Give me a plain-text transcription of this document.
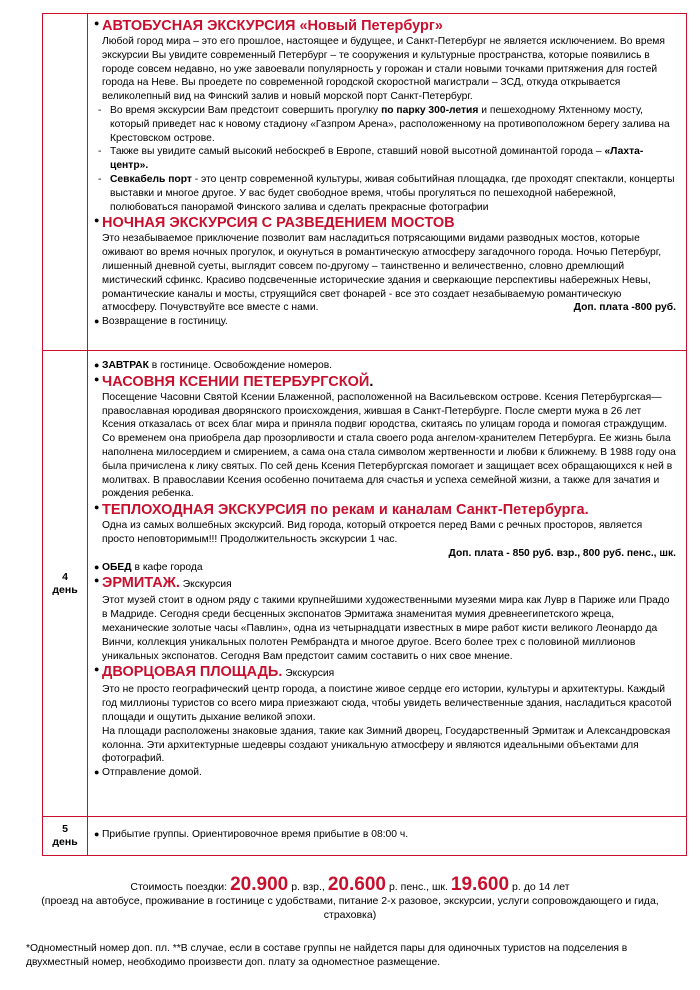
● АВТОБУСНАЯ ЭКСКУРСИЯ «Новый Петербург»
Любой город мира – это его прошлое, настоящее и будущее, и Санкт-Петербург не является исключением. Во время экскурсии Вы увидите современный Петербург – те сооружения и культурные пространства, которые появились в городе совсем недавно, но уже завоевали популярность у горожан и стали новыми точками притяжения для гостей города на Неве. Вы проедете по современной городской скоростной магистрали – ЗСД, откуда открывается великолепный вид на Финский залив и новый морской порт Санкт-Петербург.
- Во время экскурсии Вам предстоит совершить прогулку по парку 300-летия и пешеходному Яхтенному мосту, который приведет нас к новому стадиону «Газпром Арена», расположенному на противоположном берегу залива на Крестовском острове.
- Также вы увидите самый высокий небоскреб в Европе, ставший новой высотной доминантой города – «Лахта-центр».
- Севкабель порт - это центр современной культуры, живая событийная площадка, где проходят спектакли, концерты выставки и многое другое. У вас будет свободное время, чтобы прогуляться по пешеходной набережной, полюбоваться панорамой Финского залива и сделать прекрасные фотографии
● НОЧНАЯ ЭКСКУРСИЯ С РАЗВЕДЕНИЕМ МОСТОВ
Это незабываемое приключение позволит вам насладиться потрясающими видами разводных мостов, которые оживают во время ночных прогулок, и окунуться в романтическую атмосферу загадочного города. Ночью Петербург, лишенный дневной суеты, выглядит совсем по-другому – таинственно и величественно, словно дремлющий мистический сфинкс. Красиво подсвеченные исторические здания и сверкающие перспективы набережных Невы, романтические каналы и мосты, струящийся свет фонарей - все это создает незабываемую романтическую атмосферу. Почувствуйте все вместе с нами.	Доп. плата -800 руб.
● Возвращение в гостиницу.
4
день
● ЗАВТРАК в гостинице. Освобождение номеров.
● ЧАСОВНЯ КСЕНИИ ПЕТЕРБУРГСКОЙ.
Посещение Часовни Святой Ксении Блаженной, расположенной на Васильевском острове. Ксения Петербургская— православная юродивая дворянского происхождения, жившая в Санкт-Петербурге. После смерти мужа в 26 лет Ксения отказалась от всех благ мира и приняла подвиг юродства, скитаясь по улицам города и помогая страждущим. Со временем она приобрела дар прозорливости и стала своего рода ангелом-хранителем Петербурга. Ее жизнь была наполнена милосердием и смирением, а сама она стала символом жертвенности и любви к ближнему. В 1988 году она была причислена к лику святых. По сей день Ксения Петербургская помогает и защищает всех обращающихся к ней в молитвах. В православии Ксения особенно почитаема для счастья и успеха семейной жизни, а также для зачатия и рождения ребенка.
● ТЕПЛОХОДНАЯ ЭКСКУРСИЯ по рекам и каналам Санкт-Петербурга.
Одна из самых волшебных экскурсий. Вид города, который откроется перед Вами с речных просторов, является просто неповторимым!!! Продолжительность экскурсии 1 час.
Доп. плата - 850 руб. взр., 800 руб. пенс., шк.
● ОБЕД в кафе города
● ЭРМИТАЖ. Экскурсия
Этот музей стоит в одном ряду с такими крупнейшими художественными музеями мира как Лувр в Париже или Прадо в Мадриде. Сегодня среди бесценных экспонатов Эрмитажа знаменитая мумия древнеегипетского жреца, механические золотые часы «Павлин», одна из четырнадцати известных в мире работ кисти великого Леонардо да Винчи, коллекция уникальных полотен Рембрандта и многое другое. Всего более трех с половиной миллионов уникальных экспонатов. Сегодня Вам предстоит самим составить о них свое мнение.
● ДВОРЦОВАЯ ПЛОЩАДЬ. Экскурсия
Это не просто географический центр города, а поистине живое сердце его истории, культуры и архитектуры. Каждый год миллионы туристов со всего мира приезжают сюда, чтобы увидеть величественные здания, насладиться красотой площади и ощутить дыхание великой эпохи.
На площади расположены знаковые здания, такие как Зимний дворец, Государственный Эрмитаж и Александровская колонна. Эти архитектурные шедевры создают уникальную атмосферу и являются идеальными объектами для фотографий.
● Отправление домой.
5
день
● Прибытие группы. Ориентировочное время прибытие в 08:00 ч.
Стоимость поездки: 20.900 р. взр., 20.600 р. пенс., шк. 19.600 р. до 14 лет
(проезд на автобусе, проживание в гостинице с удобствами, питание 2-х разовое, экскурсии, услуги сопровождающего и гида, страховка)
*Одноместный номер доп. пл. **В случае, если в составе группы не найдется пары для одиночных туристов на подселения в двухместный номер, необходимо произвести доп. плату за одноместное размещение.
